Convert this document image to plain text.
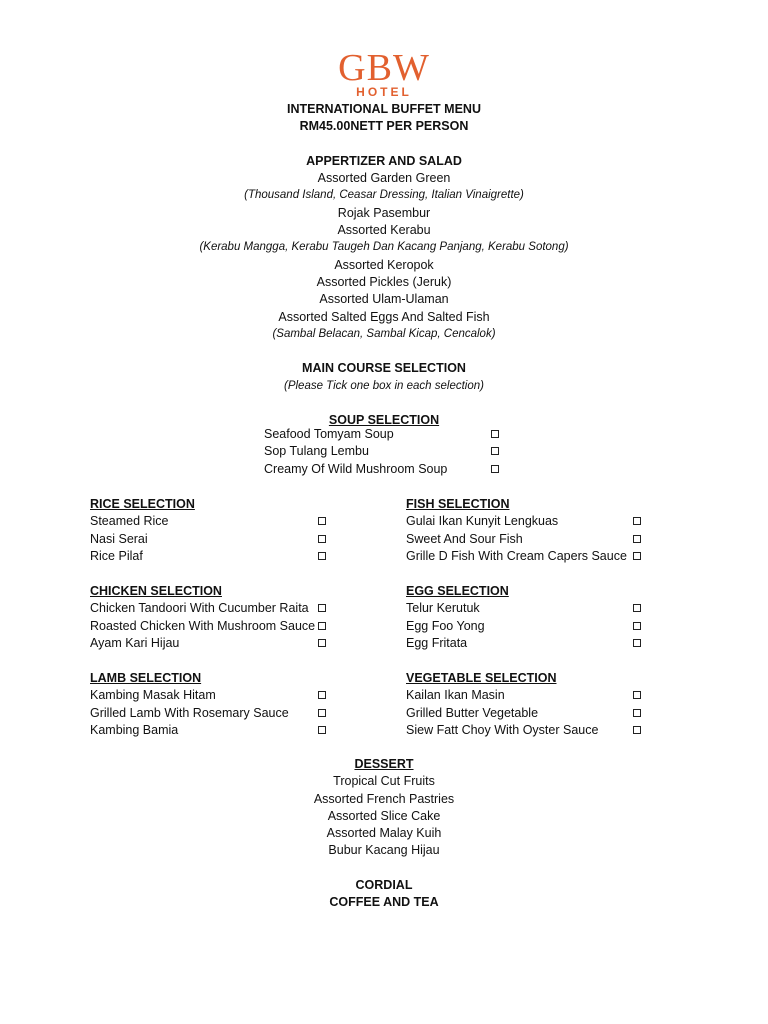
GBW
HOTEL
INTERNATIONAL BUFFET MENU
RM45.00NETT PER PERSON
APPERTIZER AND SALAD
Assorted Garden Green
(Thousand Island, Ceasar Dressing, Italian Vinaigrette)
Rojak Pasembur
Assorted Kerabu
(Kerabu Mangga, Kerabu Taugeh Dan Kacang Panjang, Kerabu Sotong)
Assorted Keropok
Assorted Pickles (Jeruk)
Assorted Ulam-Ulaman
Assorted Salted Eggs And Salted Fish
(Sambal Belacan, Sambal Kicap, Cencalok)
MAIN COURSE SELECTION
(Please Tick one box in each selection)
SOUP SELECTION
Seafood Tomyam Soup
Sop Tulang Lembu
Creamy Of Wild Mushroom Soup
RICE SELECTION
Steamed Rice
Nasi Serai
Rice Pilaf
FISH SELECTION
Gulai Ikan Kunyit Lengkuas
Sweet And Sour Fish
Grille D Fish With Cream Capers Sauce
CHICKEN SELECTION
Chicken Tandoori With Cucumber Raita
Roasted Chicken With Mushroom Sauce
Ayam Kari Hijau
EGG SELECTION
Telur Kerutuk
Egg Foo Yong
Egg Fritata
LAMB SELECTION
Kambing Masak Hitam
Grilled Lamb With Rosemary Sauce
Kambing Bamia
VEGETABLE SELECTION
Kailan Ikan Masin
Grilled Butter Vegetable
Siew Fatt Choy With Oyster Sauce
DESSERT
Tropical Cut Fruits
Assorted French Pastries
Assorted Slice Cake
Assorted Malay Kuih
Bubur Kacang Hijau
CORDIAL
COFFEE AND TEA
